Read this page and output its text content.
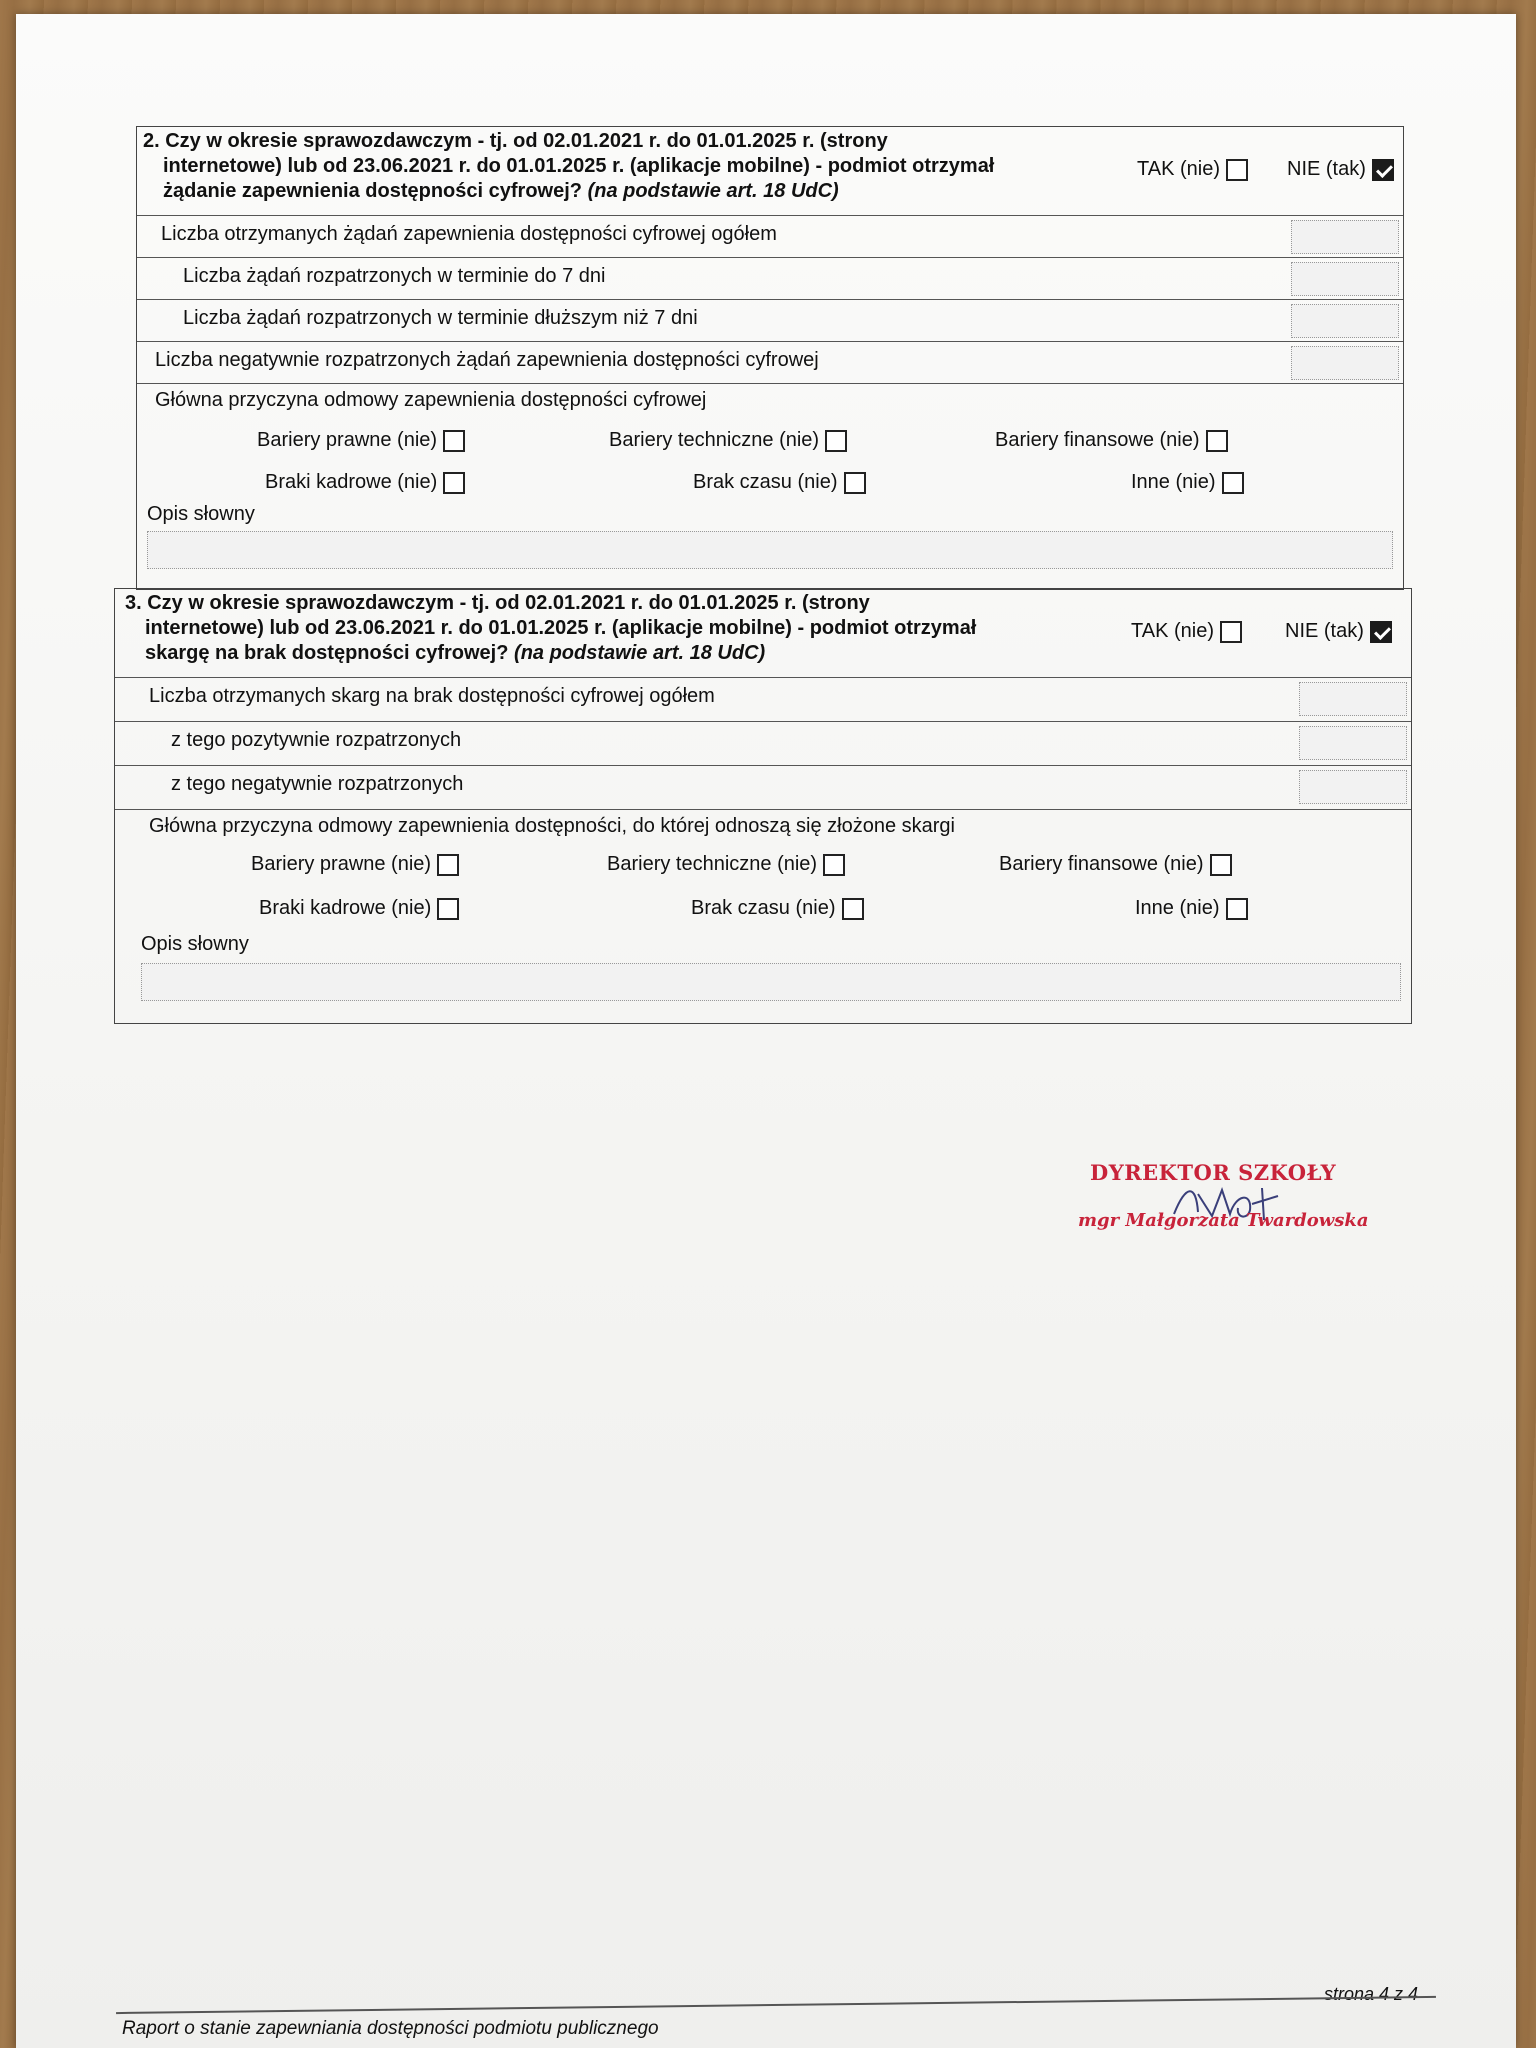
2. Czy w okresie sprawozdawczym - tj. od 02.01.2021 r. do 01.01.2025 r. (strony
internetowe) lub od 23.06.2021 r. do 01.01.2025 r. (aplikacje mobilne) - podmiot otrzymał
żądanie zapewnienia dostępności cyfrowej? (na podstawie art. 18 UdC)
TAK (nie)	NIE (tak)
Liczba otrzymanych żądań zapewnienia dostępności cyfrowej ogółem
Liczba żądań rozpatrzonych w terminie do 7 dni
Liczba żądań rozpatrzonych w terminie dłuższym niż 7 dni
Liczba negatywnie rozpatrzonych żądań zapewnienia dostępności cyfrowej
Główna przyczyna odmowy zapewnienia dostępności cyfrowej
Bariery prawne (nie)	Bariery techniczne (nie)	Bariery finansowe (nie)
Braki kadrowe (nie)	Brak czasu (nie)	Inne (nie)
Opis słowny
3. Czy w okresie sprawozdawczym - tj. od 02.01.2021 r. do 01.01.2025 r. (strony
internetowe) lub od 23.06.2021 r. do 01.01.2025 r. (aplikacje mobilne) - podmiot otrzymał
skargę na brak dostępności cyfrowej? (na podstawie art. 18 UdC)
TAK (nie)	NIE (tak)
Liczba otrzymanych skarg na brak dostępności cyfrowej ogółem
z tego pozytywnie rozpatrzonych
z tego negatywnie rozpatrzonych
Główna przyczyna odmowy zapewnienia dostępności, do której odnoszą się złożone skargi
Bariery prawne (nie)	Bariery techniczne (nie)	Bariery finansowe (nie)
Braki kadrowe (nie)	Brak czasu (nie)	Inne (nie)
Opis słowny
DYREKTOR SZKOŁY
mgr Małgorzata Twardowska
strona 4 z 4
Raport o stanie zapewniania dostępności podmiotu publicznego
